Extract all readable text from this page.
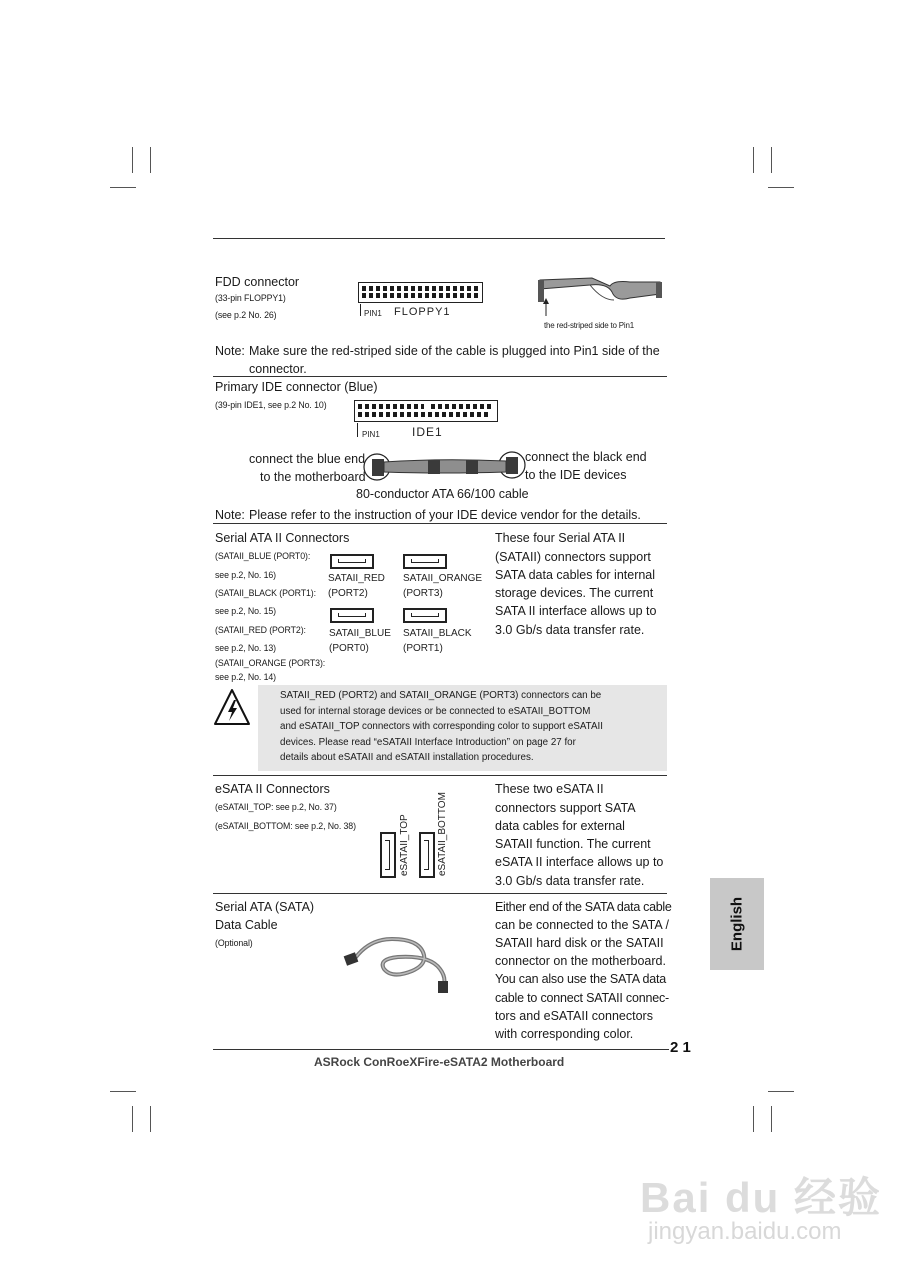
FDD connector
(33-pin FLOPPY1)
(see p.2 No. 26)	PIN1 FLOPPY1
the red-striped side to Pin1
Note: Make sure the red-striped side of the cable is plugged into Pin1 side of the
connector.
Primary IDE connector (Blue)
(39-pin IDE1, see p.2 No. 10)
PIN1	IDE1
connect the blue end
to the motherboard
connect the black end
to the IDE devices
80-conductor ATA 66/100 cable
Note: Please refer to the instruction of your IDE device vendor for the details.
Serial ATA II Connectors
(SATAII_BLUE (PORT0):
see p.2, No. 16)
(SATAII_BLACK (PORT1):
see p.2, No. 15)
(SATAII_RED (PORT2):
see p.2, No. 13)
(SATAII_ORANGE (PORT3):
see p.2, No. 14)
SATAII_RED
(PORT2)
SATAII_ORANGE
(PORT3)
SATAII_BLUE
(PORT0)
SATAII_BLACK
(PORT1)
These four Serial ATA II
(SATAII) connectors support
SATA data cables for internal
storage devices. The current
SATA II interface allows up to
3.0 Gb/s data transfer rate.
SATAII_RED (PORT2) and SATAII_ORANGE (PORT3) connectors can be
used for internal storage devices or be connected to eSATAII_BOTTOM
and eSATAII_TOP connectors with corresponding color to support eSATAII
devices. Please read “eSATAII Interface Introduction” on page 27 for
details about eSATAII and eSATAII installation procedures.
eSATA II Connectors
(eSATAII_TOP: see p.2, No. 37)
(eSATAII_BOTTOM: see p.2, No. 38)	eSATAII_TOP	eSATAII_BOTTOM
These two eSATA II
connectors support SATA
data cables for external
SATAII function. The current
eSATA II interface allows up to
3.0 Gb/s data transfer rate.
Serial ATA (SATA)
Data Cable
(Optional)
Either end of the SATA data cable
can be connected to the SATA /
SATAII hard disk or the SATAII
connector on the motherboard.
You can also use the SATA data
cable to connect SATAII connec-
tors and eSATAII connectors
with corresponding color.
2 1
ASRock ConRoeXFire-eSATA2 Motherboard
English
Bai du 经验
jingyan.baidu.com
